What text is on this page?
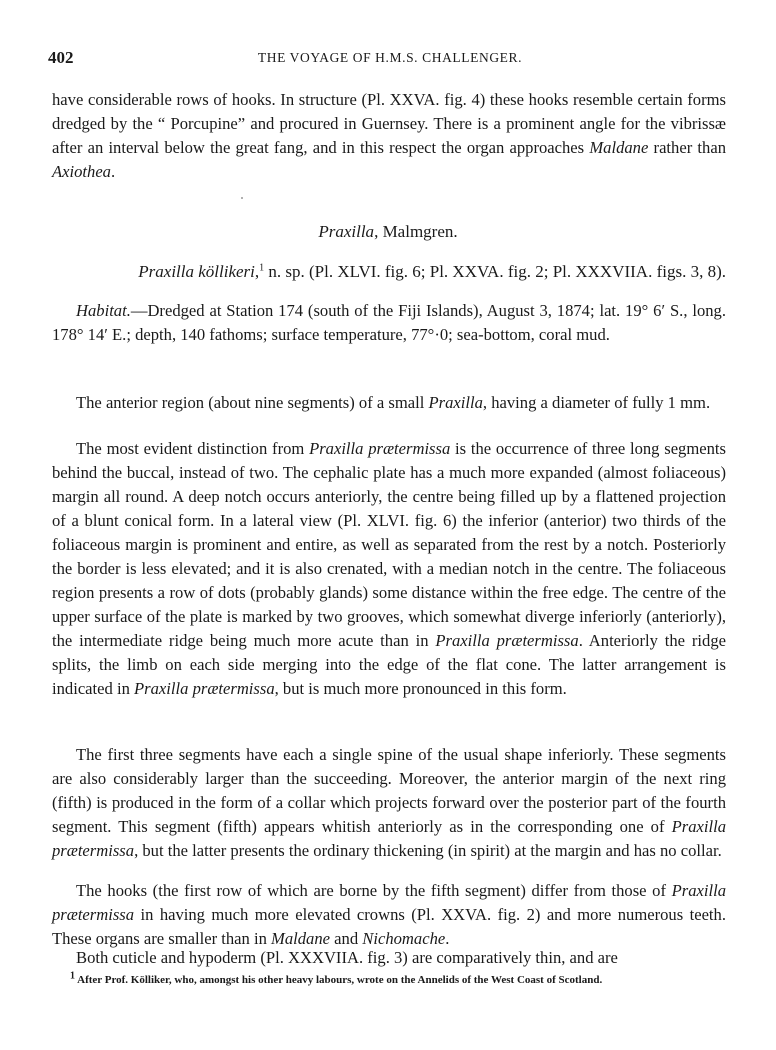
402	THE VOYAGE OF H.M.S. CHALLENGER.
have considerable rows of hooks. In structure (Pl. XXVA. fig. 4) these hooks resemble certain forms dredged by the “ Porcupine” and procured in Guernsey. There is a prominent angle for the vibrissæ after an interval below the great fang, and in this respect the organ approaches Maldane rather than Axiothea.
Praxilla, Malmgren.
Praxilla köllikeri,$^1$ n. sp. (Pl. XLVI. fig. 6; Pl. XXVA. fig. 2; Pl. XXXVIIA. figs. 3, 8).
Habitat.—Dredged at Station 174 (south of the Fiji Islands), August 3, 1874; lat. 19° 6′ S., long. 178° 14′ E.; depth, 140 fathoms; surface temperature, 77°·0; sea-bottom, coral mud.
The anterior region (about nine segments) of a small Praxilla, having a diameter of fully 1 mm.
The most evident distinction from Praxilla prætermissa is the occurrence of three long segments behind the buccal, instead of two. The cephalic plate has a much more expanded (almost foliaceous) margin all round. A deep notch occurs anteriorly, the centre being filled up by a flattened projection of a blunt conical form. In a lateral view (Pl. XLVI. fig. 6) the inferior (anterior) two thirds of the foliaceous margin is prominent and entire, as well as separated from the rest by a notch. Posteriorly the border is less elevated; and it is also crenated, with a median notch in the centre. The foliaceous region presents a row of dots (probably glands) some distance within the free edge. The centre of the upper surface of the plate is marked by two grooves, which somewhat diverge inferiorly (anteriorly), the intermediate ridge being much more acute than in Praxilla prætermissa. Anteriorly the ridge splits, the limb on each side merging into the edge of the flat cone. The latter arrangement is indicated in Praxilla prætermissa, but is much more pronounced in this form.
The first three segments have each a single spine of the usual shape inferiorly. These segments are also considerably larger than the succeeding. Moreover, the anterior margin of the next ring (fifth) is produced in the form of a collar which projects forward over the posterior part of the fourth segment. This segment (fifth) appears whitish anteriorly as in the corresponding one of Praxilla prætermissa, but the latter presents the ordinary thickening (in spirit) at the margin and has no collar.
The hooks (the first row of which are borne by the fifth segment) differ from those of Praxilla prætermissa in having much more elevated crowns (Pl. XXVA. fig. 2) and more numerous teeth. These organs are smaller than in Maldane and Nichomache.
Both cuticle and hypoderm (Pl. XXXVIIA. fig. 3) are comparatively thin, and are
$^1$ After Prof. Kölliker, who, amongst his other heavy labours, wrote on the Annelids of the West Coast of Scotland.
